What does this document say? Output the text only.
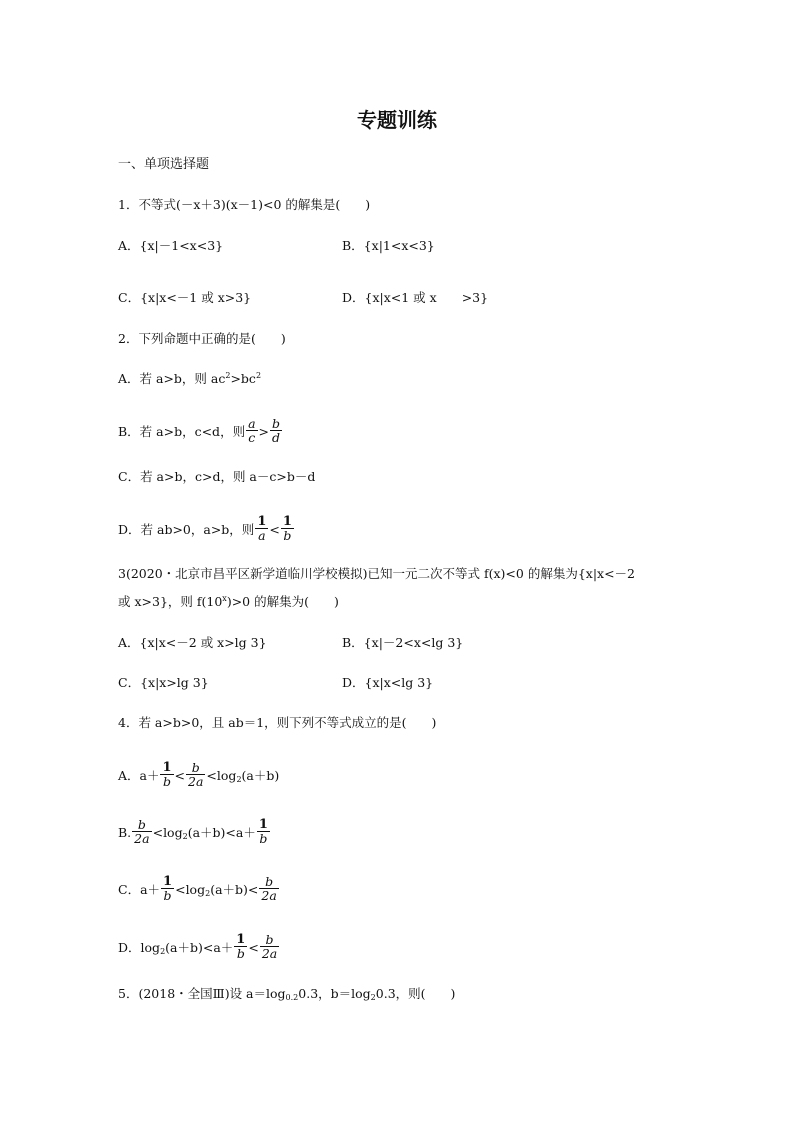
专题训练
一、单项选择题
1．不等式(－x＋3)(x－1)<0 的解集是(　　)
A．{x|－1<x<3}	B．{x|1<x<3}
C．{x|x<－1 或 x>3}	D．{x|x<1 或 x　　>3}
2．下列命题中正确的是(　　)
A．若 a>b，则 $ac^2>bc^2$
B．若 a>b，c<d，则 $\frac{a}{c} > \frac{b}{d}$
C．若 a>b，c>d，则 a－c>b－d
D．若 ab>0，a>b，则 $\frac{1}{a} < \frac{1}{b}$
3(2020・北京市昌平区新学道临川学校模拟)已知一元二次不等式 f(x)<0 的解集为{x|x<－2
或 x>3}，则 $f(10^x)>0$ 的解集为(　　)
A．{x|x<－2 或 x>lg 3}	B．{x|－2<x<lg 3}
C．{x|x>lg 3}	D．{x|x<lg 3}
4．若 a>b>0，且 ab＝1，则下列不等式成立的是(　　)
A．$a+ \frac{1}{b} < \frac{b}{2a} <\log_2(a+b)$
B. $\frac{b}{2a} <\log_2(a+b)<a+ \frac{1}{b}$
C．$a+ \frac{1}{b} <\log_2(a+b)< \frac{b}{2a}$
D．$\log_2(a+b)<a+ \frac{1}{b} < \frac{b}{2a}$
5．(2018・全国Ⅲ)设 $a=\log_{0.2}0.3$，$b=\log_20.3$，则(　　)
